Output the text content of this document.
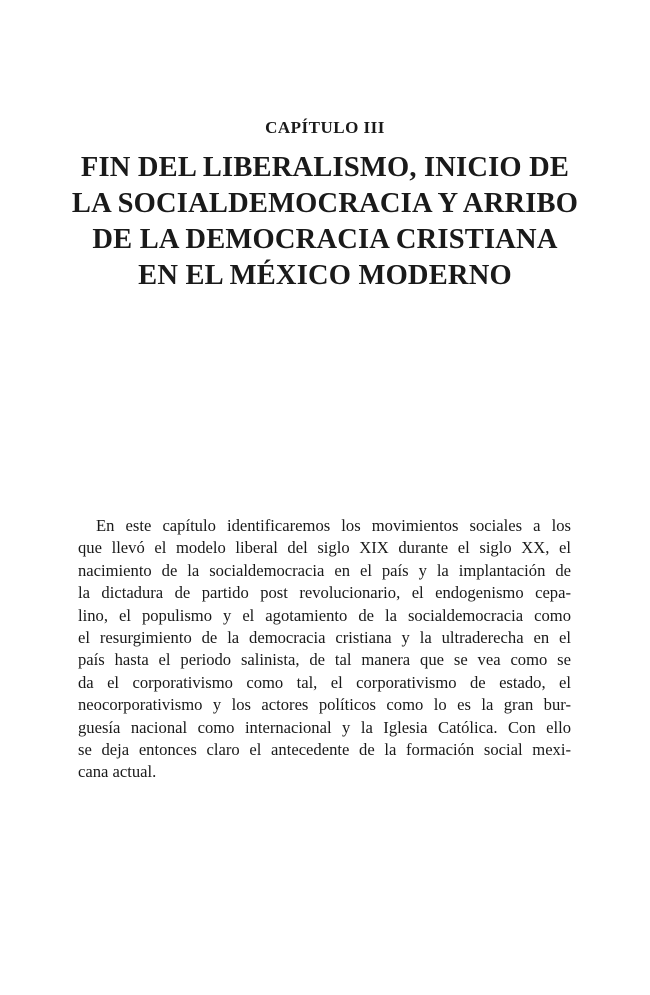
CAPÍTULO III
FIN DEL LIBERALISMO, INICIO DE
LA SOCIALDEMOCRACIA Y ARRIBO
DE LA DEMOCRACIA CRISTIANA
EN EL MÉXICO MODERNO

En este capítulo identificaremos los movimientos sociales a los
que llevó el modelo liberal del siglo XIX durante el siglo XX, el
nacimiento de la socialdemocracia en el país y la implantación de
la dictadura de partido post revolucionario, el endogenismo cepa-
lino, el populismo y el agotamiento de la socialdemocracia como
el resurgimiento de la democracia cristiana y la ultraderecha en el
país hasta el periodo salinista, de tal manera que se vea como se
da el corporativismo como tal, el corporativismo de estado, el
neocorporativismo y los actores políticos como lo es la gran bur-
guesía nacional como internacional y la Iglesia Católica. Con ello
se deja entonces claro el antecedente de la formación social mexi-
cana actual.
